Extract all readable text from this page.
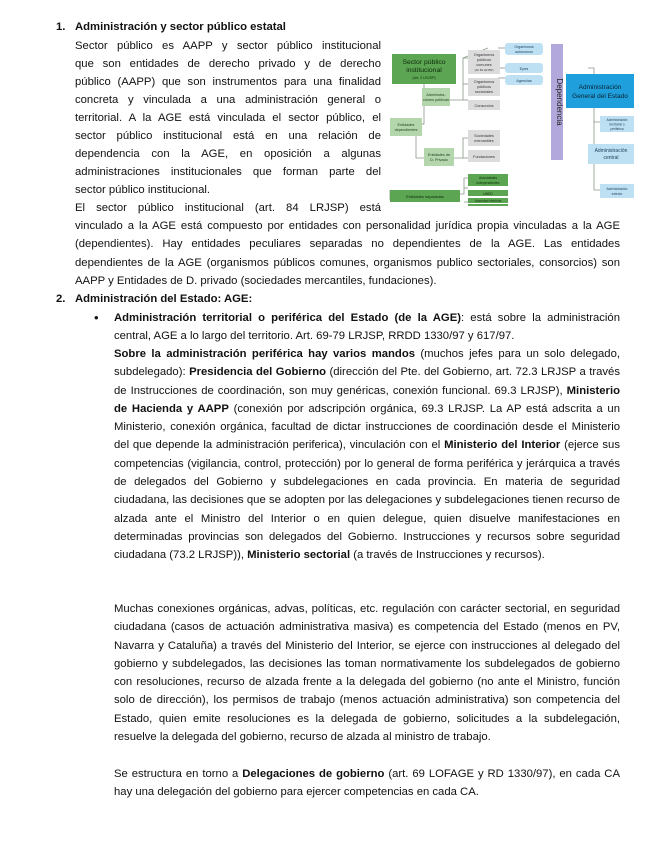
1. Administración y sector público estatal
Sector público es AAPP y sector público institucional
que son entidades de derecho privado y de derecho
público (AAPP) que son instrumentos para una finalidad
concreta y vinculada a una administración general o
territorial. A la AGE está vinculada el sector público, el
sector público institucional está en una relación de
dependencia con la AGE, en oposición a algunas
administraciones institucionales que forman parte del
sector público institucional.
El sector público institucional (art. 84 LRJSP) está
vinculado a la AGE está compuesto por entidades con personalidad jurídica propia vinculadas a la AGE (dependientes). Hay entidades peculiares separadas no dependientes de la AGE. Las entidades dependientes de la AGE (organismos públicos comunes, organismos publico sectoriales, consorcios) son AAPP y Entidades de D. privado (sociedades mercantiles, fundaciones).
Sector público
institucional
(Art. 2 LRJSP)
Administra-
ciones públicas
Organismos
públicos
comunes
(Art 84 LRJSP)
Organismos
autónomos
Epes
Agencias
Organismos
públicos
sectoriales
Consorcios
Entidades
dependientes
Entidades de
D. Privado
Sociedades
mercantiles
Fundaciones
Entidades separadas
Autoridades
independientes
UNED
Autoridad electoral
Dependencia Administración
General del Estado
Administración
territorial o
periférica
Administración
central
Administración
exterior
2. Administración del Estado: AGE:
• Administración territorial o periférica del Estado (de la AGE): está sobre la administración central, AGE a lo largo del territorio. Art. 69-79 LRJSP, RRDD 1330/97 y 617/97.
Sobre la administración periférica hay varios mandos (muchos jefes para un solo delegado, subdelegado): Presidencia del Gobierno (dirección del Pte. del Gobierno, art. 72.3 LRJSP a través de Instrucciones de coordinación, son muy genéricas, conexión funcional. 69.3 LRJSP), Ministerio de Hacienda y AAPP (conexión por adscripción orgánica, 69.3 LRJSP. La AP está adscrita a un Ministerio, conexión orgánica, facultad de dictar instrucciones de coordinación desde el Ministerio del que depende la administración periferica), vinculación con el Ministerio del Interior (ejerce sus competencias (vigilancia, control, protección) por lo general de forma periférica y jerárquica a través de delegados del Gobierno y subdelegaciones en cada provincia. En materia de seguridad ciudadana, las decisiones que se adopten por las delegaciones y subdelegaciones tienen recurso de alzada ante el Ministro del Interior o en quien delegue, quien disuelve manifestaciones en determinadas provincias son delegados del Gobierno. Instrucciones y recursos sobre seguridad ciudadana (73.2 LRJSP)), Ministerio sectorial (a través de Instrucciones y recursos).
Muchas conexiones orgánicas, advas, políticas, etc. regulación con carácter sectorial, en seguridad ciudadana (casos de actuación administrativa masiva) es competencia del Estado (menos en PV, Navarra y Cataluña) a través del Ministerio del Interior, se ejerce con instrucciones al delegado del gobierno y subdelegados, las decisiones las toman normativamente los subdelegados de gobierno con resoluciones, recurso de alzada frente a la delegada del gobierno (no ante el Ministro, función solo de dirección), los permisos de trabajo (menos actuación administrativa) son competencia del Estado, quien emite resoluciones es la delegada de gobierno, solicitudes a la subdelegación, resuelve la delegada del gobierno, recurso de alzada al ministro de trabajo.
Se estructura en torno a Delegaciones de gobierno (art. 69 LOFAGE y RD 1330/97), en cada CA hay una delegación del gobierno para ejercer competencias en cada CA.
